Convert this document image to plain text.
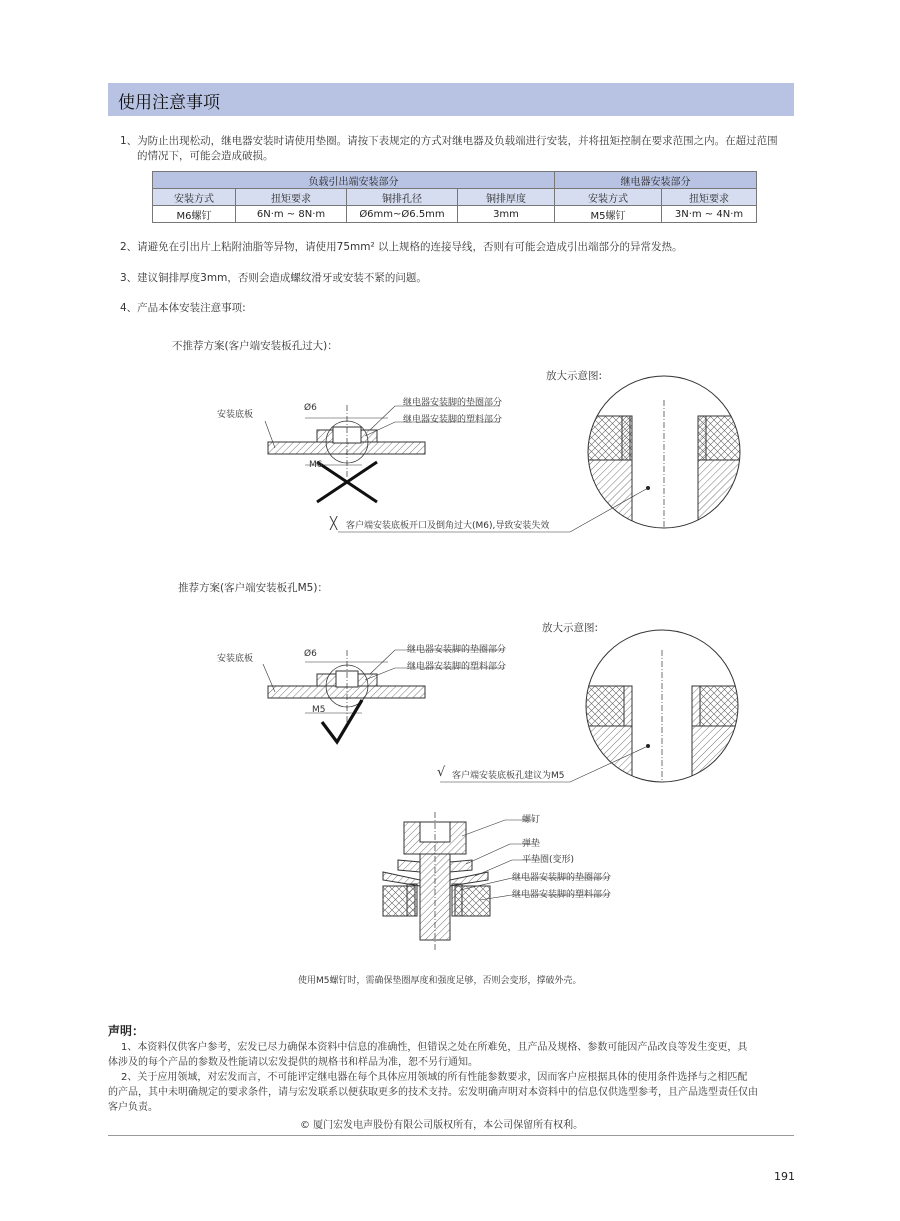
使用注意事项
1、为防止出现松动，继电器安装时请使用垫圈。请按下表规定的方式对继电器及负载端进行安装，并将扭矩控制在要求范围之内。在超过范围
的情况下，可能会造成破损。
负载引出端安装部分				继电器安装部分	
安装方式	扭矩要求	铜排孔径	铜排厚度	安装方式	扭矩要求
M6螺钉	6N·m ~ 8N·m	Ø6mm~Ø6.5mm	3mm	M5螺钉	3N·m ~ 4N·m
2、请避免在引出片上粘附油脂等异物，请使用75mm² 以上规格的连接导线，否则有可能会造成引出端部分的异常发热。
3、建议铜排厚度3mm，否则会造成螺纹滑牙或安装不紧的问题。
4、产品本体安装注意事项:
不推荐方案(客户端安装板孔过大)：
放大示意图:
安装底板
Ø6	继电器安装脚的垫圈部分
继电器安装脚的塑料部分
M6
╳ 客户端安装底板开口及倒角过大(M6),导致安装失效
推荐方案(客户端安装板孔M5)：
放大示意图:
安装底板	Ø6	继电器安装脚的垫圈部分
继电器安装脚的塑料部分
M5
√ 客户端安装底板孔建议为M5
螺钉
弹垫
平垫圈(变形)
继电器安装脚的垫圈部分
继电器安装脚的塑料部分
使用M5螺钉时，需确保垫圈厚度和强度足够，否则会变形，撑破外壳。
声明：
1、本资料仅供客户参考，宏发已尽力确保本资料中信息的准确性，但错误之处在所难免，且产品及规格、参数可能因产品改良等发生变更，具
体涉及的每个产品的参数及性能请以宏发提供的规格书和样品为准，恕不另行通知。
2、关于应用领域，对宏发而言，不可能评定继电器在每个具体应用领域的所有性能参数要求，因而客户应根据具体的使用条件选择与之相匹配
的产品，其中未明确规定的要求条件，请与宏发联系以便获取更多的技术支持。宏发明确声明对本资料中的信息仅供选型参考，且产品选型责任仅由
客户负责。
© 厦门宏发电声股份有限公司版权所有，本公司保留所有权利。
191
